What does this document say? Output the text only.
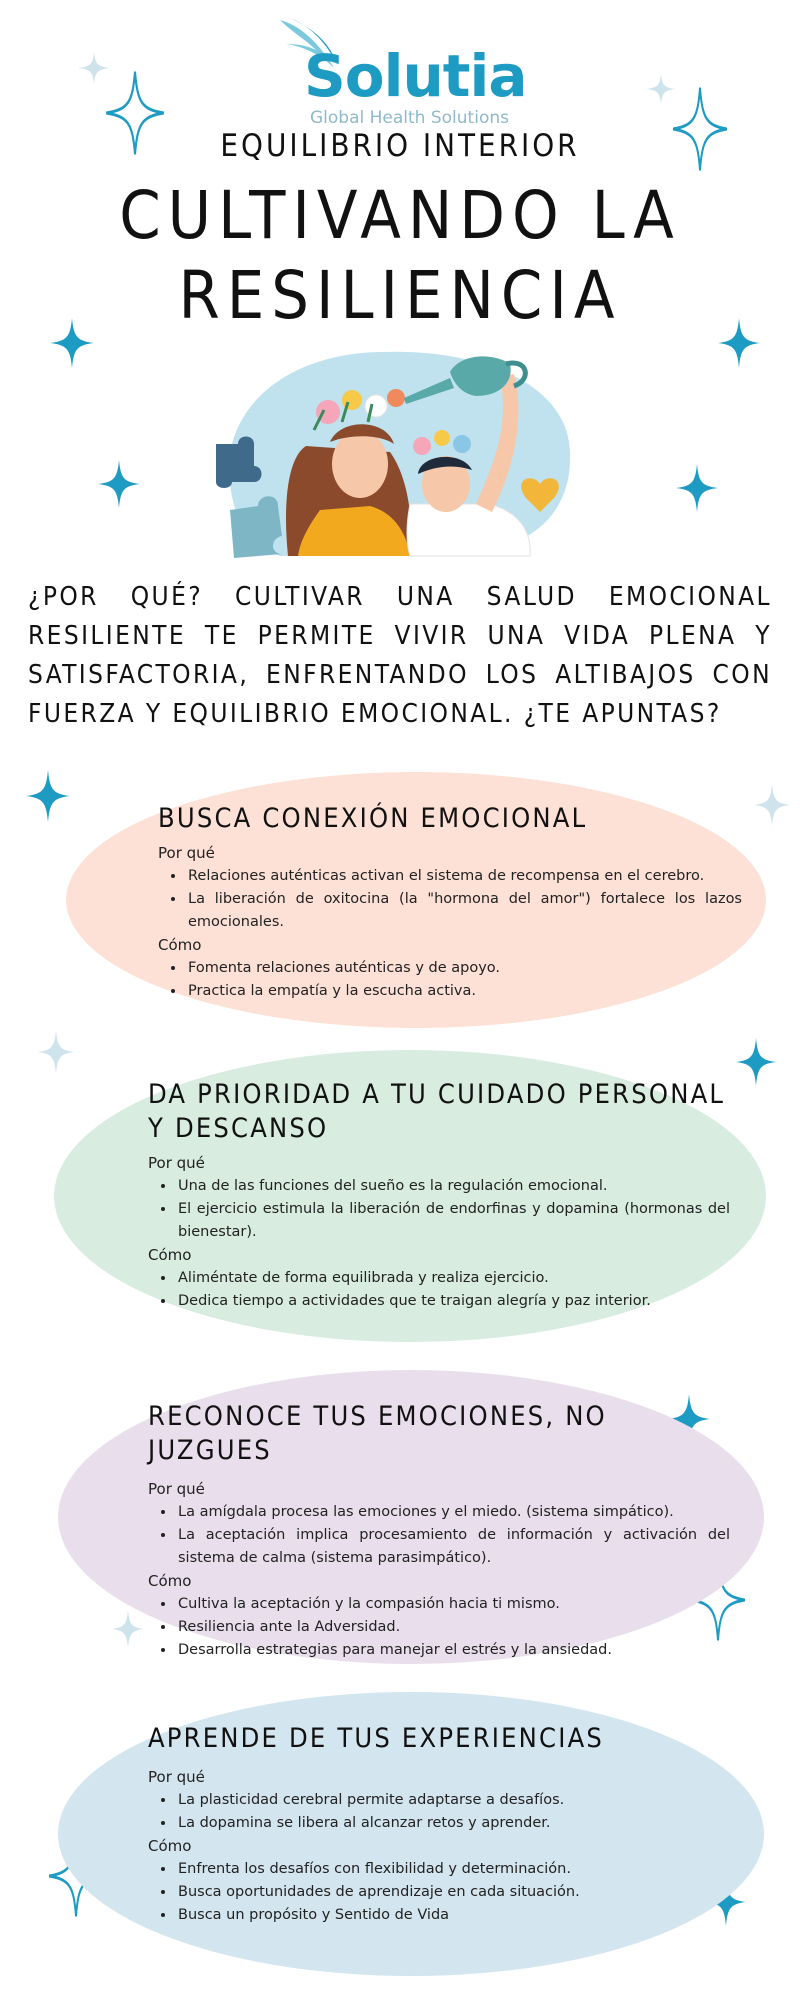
Solutia
Global Health Solutions
EQUILIBRIO INTERIOR
CULTIVANDO LA
RESILIENCIA
¿POR QUÉ? CULTIVAR UNA SALUD EMOCIONAL RESILIENTE TE PERMITE VIVIR UNA VIDA PLENA Y SATISFACTORIA, ENFRENTANDO LOS ALTIBAJOS CON FUERZA Y EQUILIBRIO EMOCIONAL. ¿TE APUNTAS?
BUSCA CONEXIÓN EMOCIONAL
Por qué
• Relaciones auténticas activan el sistema de recompensa en el cerebro.
• La liberación de oxitocina (la "hormona del amor") fortalece los lazos emocionales.
Cómo
• Fomenta relaciones auténticas y de apoyo.
• Practica la empatía y la escucha activa.
DA PRIORIDAD A TU CUIDADO PERSONAL Y DESCANSO
Por qué
• Una de las funciones del sueño es la regulación emocional.
• El ejercicio estimula la liberación de endorfinas y dopamina (hormonas del bienestar).
Cómo
• Aliméntate de forma equilibrada y realiza ejercicio.
• Dedica tiempo a actividades que te traigan alegría y paz interior.
RECONOCE TUS EMOCIONES, NO JUZGUES
Por qué
• La amígdala procesa las emociones y el miedo. (sistema simpático).
• La aceptación implica procesamiento de información y activación del sistema de calma (sistema parasimpático).
Cómo
• Cultiva la aceptación y la compasión hacia ti mismo.
• Resiliencia ante la Adversidad.
• Desarrolla estrategias para manejar el estrés y la ansiedad.
APRENDE DE TUS EXPERIENCIAS
Por qué
• La plasticidad cerebral permite adaptarse a desafíos.
• La dopamina se libera al alcanzar retos y aprender.
Cómo
• Enfrenta los desafíos con flexibilidad y determinación.
• Busca oportunidades de aprendizaje en cada situación.
• Busca un propósito y Sentido de Vida
